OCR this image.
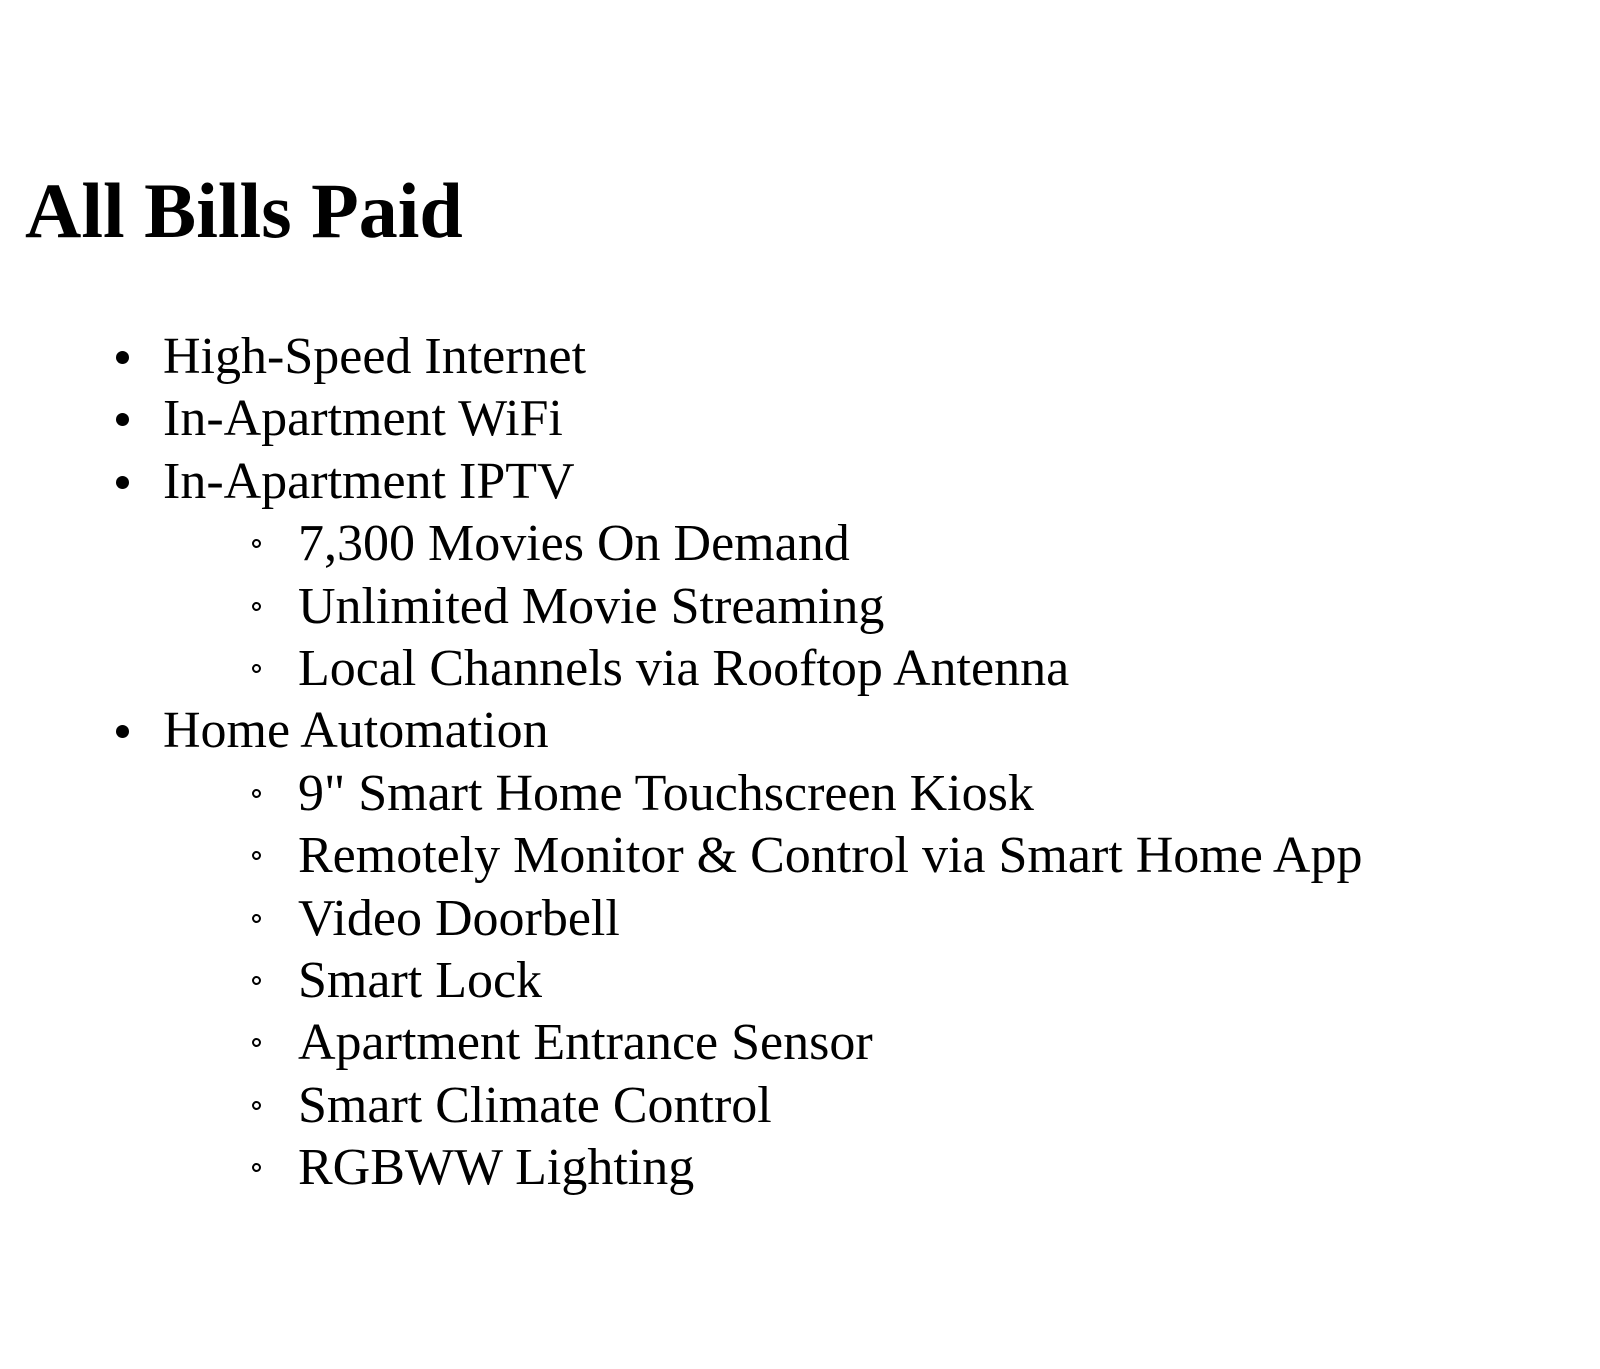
All Bills Paid
High-Speed Internet
In-Apartment WiFi
In-Apartment IPTV
7,300 Movies On Demand
Unlimited Movie Streaming
Local Channels via Rooftop Antenna
Home Automation
9" Smart Home Touchscreen Kiosk
Remotely Monitor & Control via Smart Home App
Video Doorbell
Smart Lock
Apartment Entrance Sensor
Smart Climate Control
RGBWW Lighting
